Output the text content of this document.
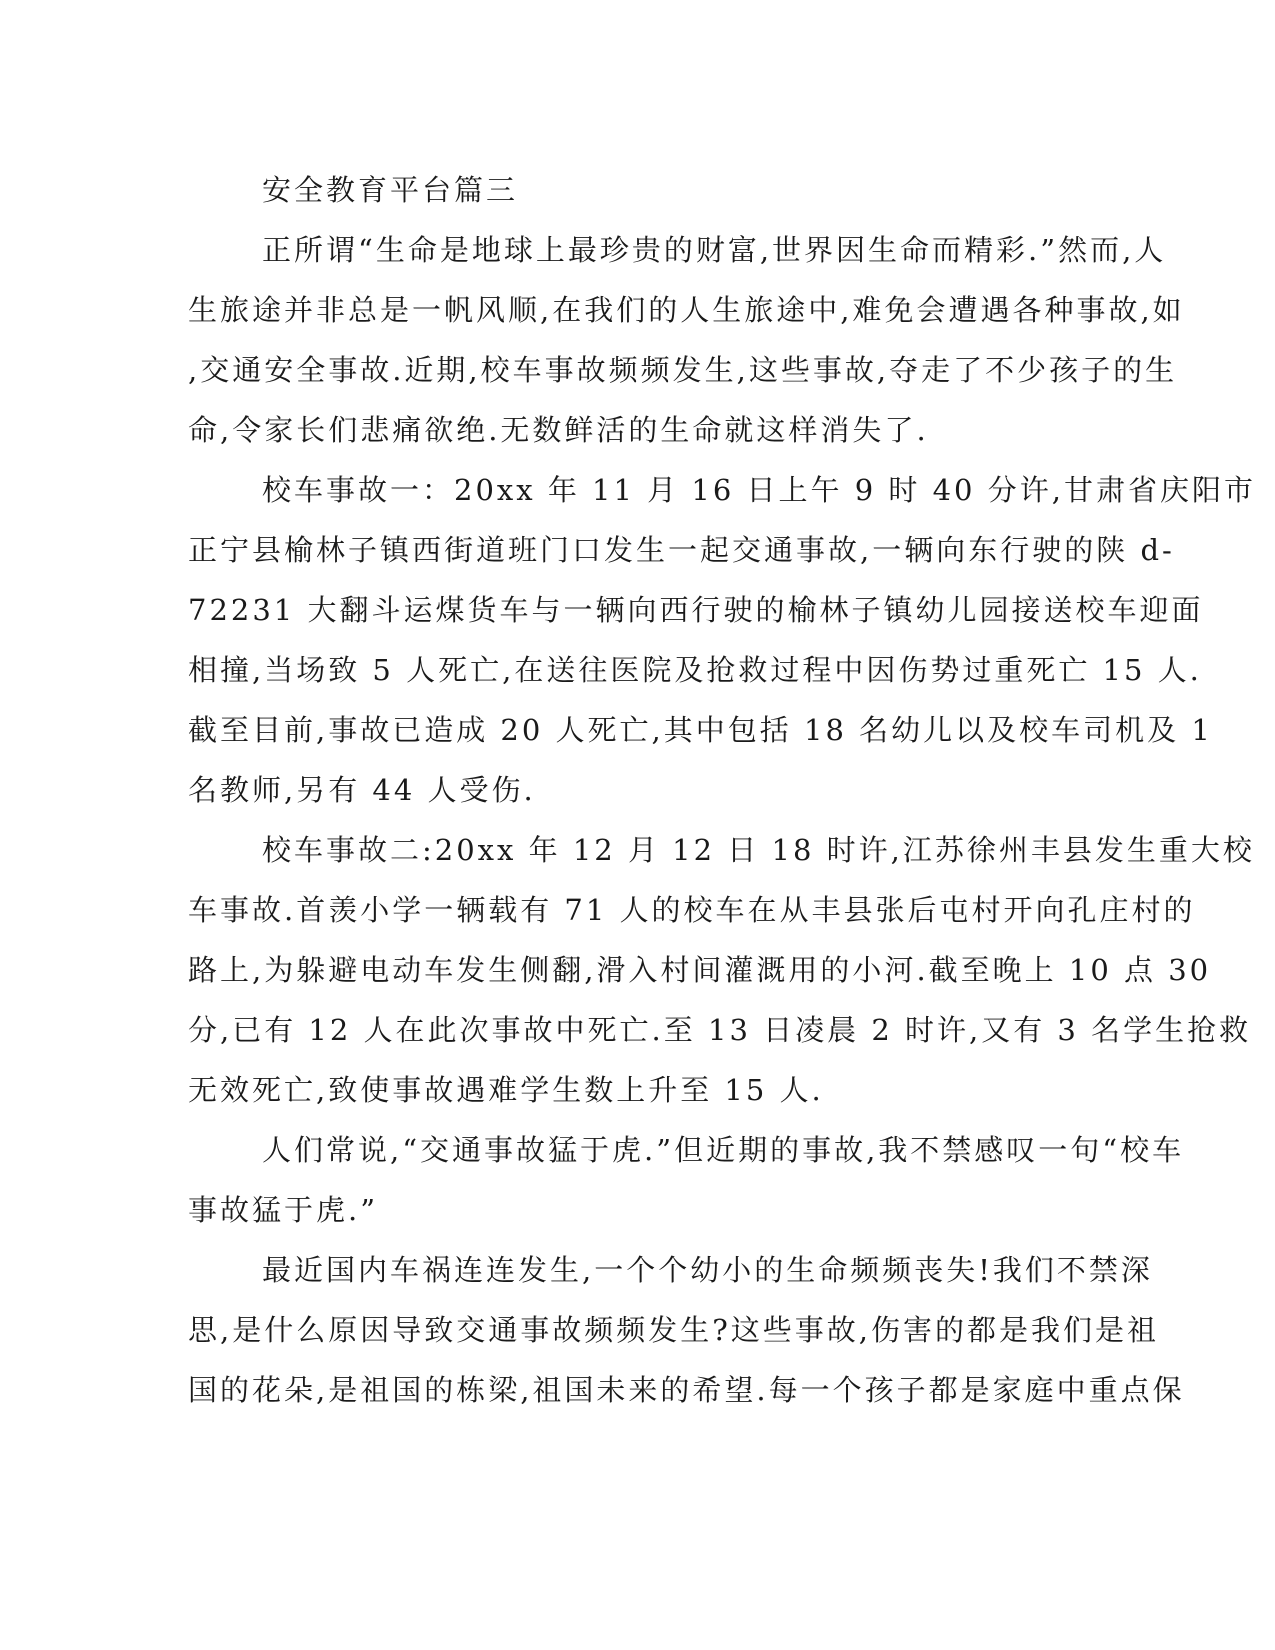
安全教育平台篇三
正所谓“生命是地球上最珍贵的财富,世界因生命而精彩.”然而,人
生旅途并非总是一帆风顺,在我们的人生旅途中,难免会遭遇各种事故,如
,交通安全事故.近期,校车事故频频发生,这些事故,夺走了不少孩子的生
命,令家长们悲痛欲绝.无数鲜活的生命就这样消失了.
校车事故一：20xx 年 11 月 16 日上午 9 时 40 分许,甘肃省庆阳市
正宁县榆林子镇西街道班门口发生一起交通事故,一辆向东行驶的陕 d-
72231 大翻斗运煤货车与一辆向西行驶的榆林子镇幼儿园接送校车迎面
相撞,当场致 5 人死亡,在送往医院及抢救过程中因伤势过重死亡 15 人.
截至目前,事故已造成 20 人死亡,其中包括 18 名幼儿以及校车司机及 1
名教师,另有 44 人受伤.
校车事故二:20xx 年 12 月 12 日 18 时许,江苏徐州丰县发生重大校
车事故.首羡小学一辆载有 71 人的校车在从丰县张后屯村开向孔庄村的
路上,为躲避电动车发生侧翻,滑入村间灌溉用的小河.截至晚上 10 点 30
分,已有 12 人在此次事故中死亡.至 13 日凌晨 2 时许,又有 3 名学生抢救
无效死亡,致使事故遇难学生数上升至 15 人.
人们常说,“交通事故猛于虎.”但近期的事故,我不禁感叹一句“校车
事故猛于虎.”
最近国内车祸连连发生,一个个幼小的生命频频丧失!我们不禁深
思,是什么原因导致交通事故频频发生?这些事故,伤害的都是我们是祖
国的花朵,是祖国的栋梁,祖国未来的希望.每一个孩子都是家庭中重点保
